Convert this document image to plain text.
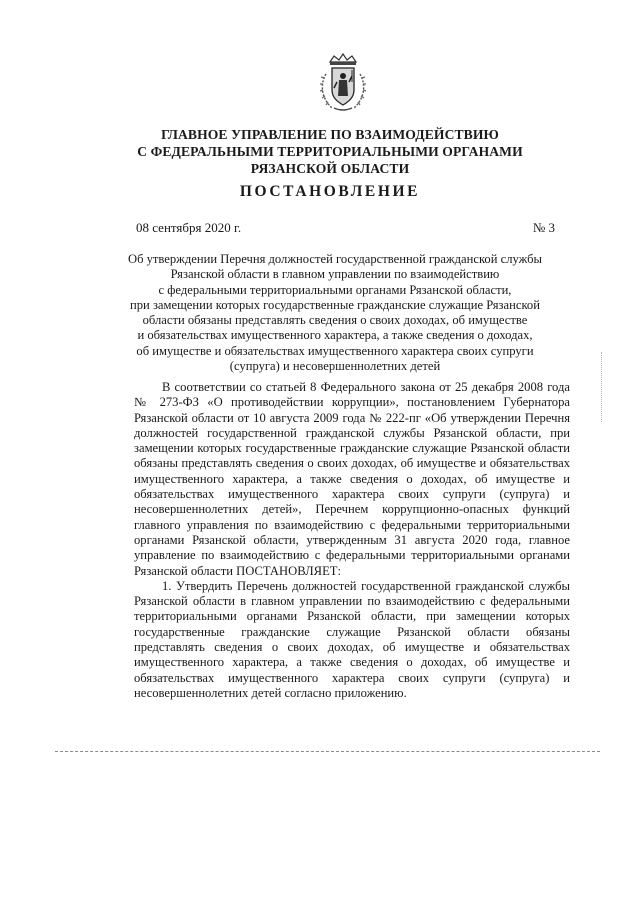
ГЛАВНОЕ УПРАВЛЕНИЕ ПО ВЗАИМОДЕЙСТВИЮ
С ФЕДЕРАЛЬНЫМИ ТЕРРИТОРИАЛЬНЫМИ ОРГАНАМИ
РЯЗАНСКОЙ ОБЛАСТИ
ПОСТАНОВЛЕНИЕ
08 сентября 2020 г.	№ 3
Об утверждении Перечня должностей государственной гражданской службы
Рязанской области в главном управлении по взаимодействию
с федеральными территориальными органами Рязанской области,
при замещении которых государственные гражданские служащие Рязанской
области обязаны представлять сведения о своих доходах, об имуществе
и обязательствах имущественного характера, а также сведения о доходах,
об имуществе и обязательствах имущественного характера своих супруги
(супруга) и несовершеннолетних детей

В соответствии со статьей 8 Федерального закона от 25 декабря 2008 года № 273-ФЗ «О противодействии коррупции», постановлением Губернатора Рязанской области от 10 августа 2009 года № 222-пг «Об утверждении Перечня должностей государственной гражданской службы Рязанской области, при замещении которых государственные гражданские служащие Рязанской области обязаны представлять сведения о своих доходах, об имуществе и обязательствах имущественного характера, а также сведения о доходах, об имуществе и обязательствах имущественного характера своих супруги (супруга) и несовершеннолетних детей», Перечнем коррупционно-опасных функций главного управления по взаимодействию с федеральными территориальными органами Рязанской области, утвержденным 31 августа 2020 года, главное управление по взаимодействию с федеральными территориальными органами Рязанской области ПОСТАНОВЛЯЕТ:

1. Утвердить Перечень должностей государственной гражданской службы Рязанской области в главном управлении по взаимодействию с федеральными территориальными органами Рязанской области, при замещении которых государственные гражданские служащие Рязанской области обязаны представлять сведения о своих доходах, об имуществе и обязательствах имущественного характера, а также сведения о доходах, об имуществе и обязательствах имущественного характера своих супруги (супруга) и несовершеннолетних детей согласно приложению.
